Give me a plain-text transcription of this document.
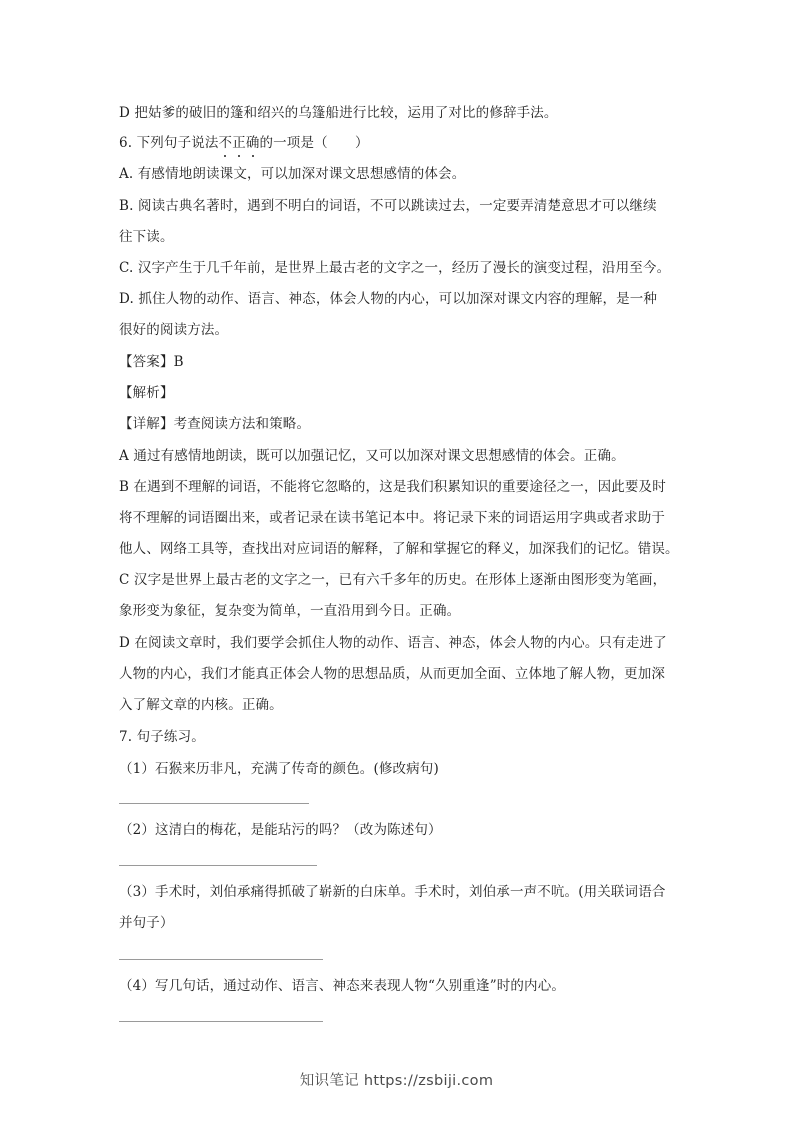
D 把姑爹的破旧的篷和绍兴的乌篷船进行比较，运用了对比的修辞手法。
6. 下列句子说法不正确的一项是（　　）
A. 有感情地朗读课文，可以加深对课文思想感情的体会。
B. 阅读古典名著时，遇到不明白的词语，不可以跳读过去，一定要弄清楚意思才可以继续
往下读。
C. 汉字产生于几千年前，是世界上最古老的文字之一，经历了漫长的演变过程，沿用至今。
D. 抓住人物的动作、语言、神态，体会人物的内心，可以加深对课文内容的理解，是一种
很好的阅读方法。
【答案】B
【解析】
【详解】考查阅读方法和策略。
A 通过有感情地朗读，既可以加强记忆，又可以加深对课文思想感情的体会。正确。
B 在遇到不理解的词语，不能将它忽略的，这是我们积累知识的重要途径之一，因此要及时
将不理解的词语圈出来，或者记录在读书笔记本中。将记录下来的词语运用字典或者求助于
他人、网络工具等，查找出对应词语的解释，了解和掌握它的释义，加深我们的记忆。错误。
C 汉字是世界上最古老的文字之一，已有六千多年的历史。在形体上逐渐由图形变为笔画，
象形变为象征，复杂变为简单，一直沿用到今日。正确。
D 在阅读文章时，我们要学会抓住人物的动作、语言、神态，体会人物的内心。只有走进了
人物的内心，我们才能真正体会人物的思想品质，从而更加全面、立体地了解人物，更加深
入了解文章的内核。正确。
7. 句子练习。
（1）石猴来历非凡，充满了传奇的颜色。(修改病句)
（2）这清白的梅花，是能玷污的吗？（改为陈述句）
（3）手术时，刘伯承痛得抓破了崭新的白床单。手术时，刘伯承一声不吭。(用关联词语合
并句子）
（4）写几句话，通过动作、语言、神态来表现人物“久别重逢”时的内心。
知识笔记 https://zsbiji.com
